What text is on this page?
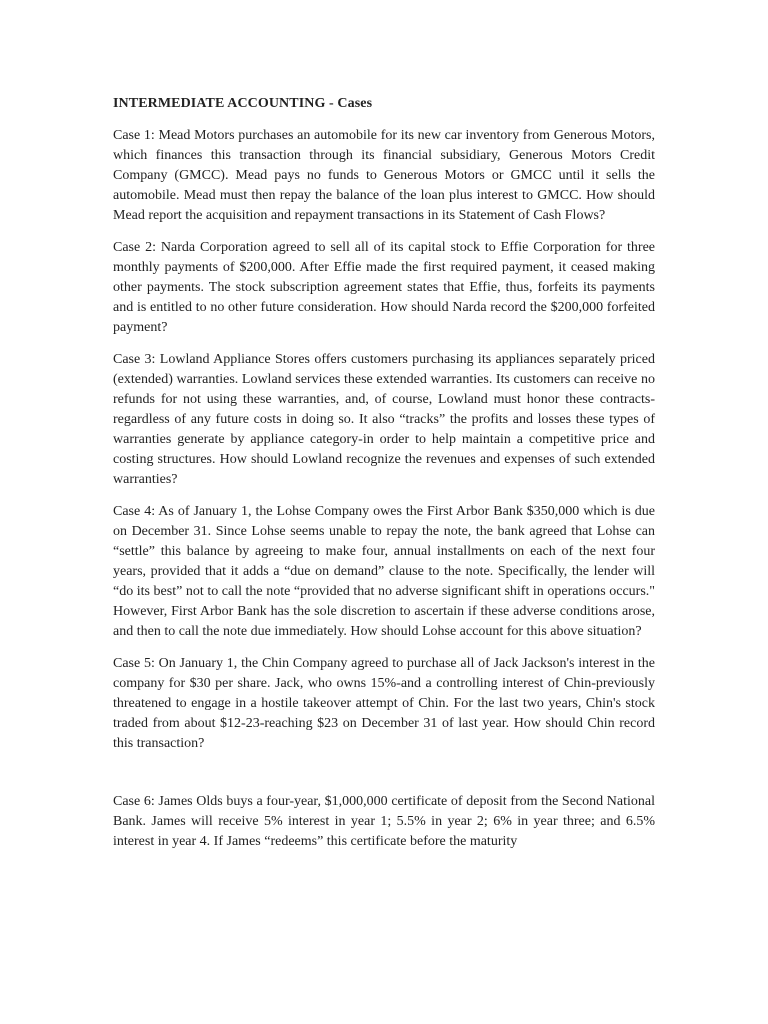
INTERMEDIATE ACCOUNTING - Cases

Case 1: Mead Motors purchases an automobile for its new car inventory from Generous Motors, which finances this transaction through its financial subsidiary, Generous Motors Credit Company (GMCC). Mead pays no funds to Generous Motors or GMCC until it sells the automobile. Mead must then repay the balance of the loan plus interest to GMCC. How should Mead report the acquisition and repayment transactions in its Statement of Cash Flows?

Case 2: Narda Corporation agreed to sell all of its capital stock to Effie Corporation for three monthly payments of $200,000. After Effie made the first required payment, it ceased making other payments. The stock subscription agreement states that Effie, thus, forfeits its payments and is entitled to no other future consideration. How should Narda record the $200,000 forfeited payment?

Case 3: Lowland Appliance Stores offers customers purchasing its appliances separately priced (extended) warranties. Lowland services these extended warranties. Its customers can receive no refunds for not using these warranties, and, of course, Lowland must honor these contracts-regardless of any future costs in doing so. It also “tracks” the profits and losses these types of warranties generate by appliance category-in order to help maintain a competitive price and costing structures. How should Lowland recognize the revenues and expenses of such extended warranties?

Case 4: As of January 1, the Lohse Company owes the First Arbor Bank $350,000 which is due on December 31. Since Lohse seems unable to repay the note, the bank agreed that Lohse can “settle” this balance by agreeing to make four, annual installments on each of the next four years, provided that it adds a “due on demand” clause to the note. Specifically, the lender will “do its best” not to call the note “provided that no adverse significant shift in operations occurs." However, First Arbor Bank has the sole discretion to ascertain if these adverse conditions arose, and then to call the note due immediately. How should Lohse account for this above situation?

Case 5: On January 1, the Chin Company agreed to purchase all of Jack Jackson's interest in the company for $30 per share. Jack, who owns 15%-and a controlling interest of Chin-previously threatened to engage in a hostile takeover attempt of Chin. For the last two years, Chin's stock traded from about $12-23-reaching $23 on December 31 of last year. How should Chin record this transaction?

Case 6: James Olds buys a four-year, $1,000,000 certificate of deposit from the Second National Bank. James will receive 5% interest in year 1; 5.5% in year 2; 6% in year three; and 6.5% interest in year 4. If James “redeems” this certificate before the maturity
